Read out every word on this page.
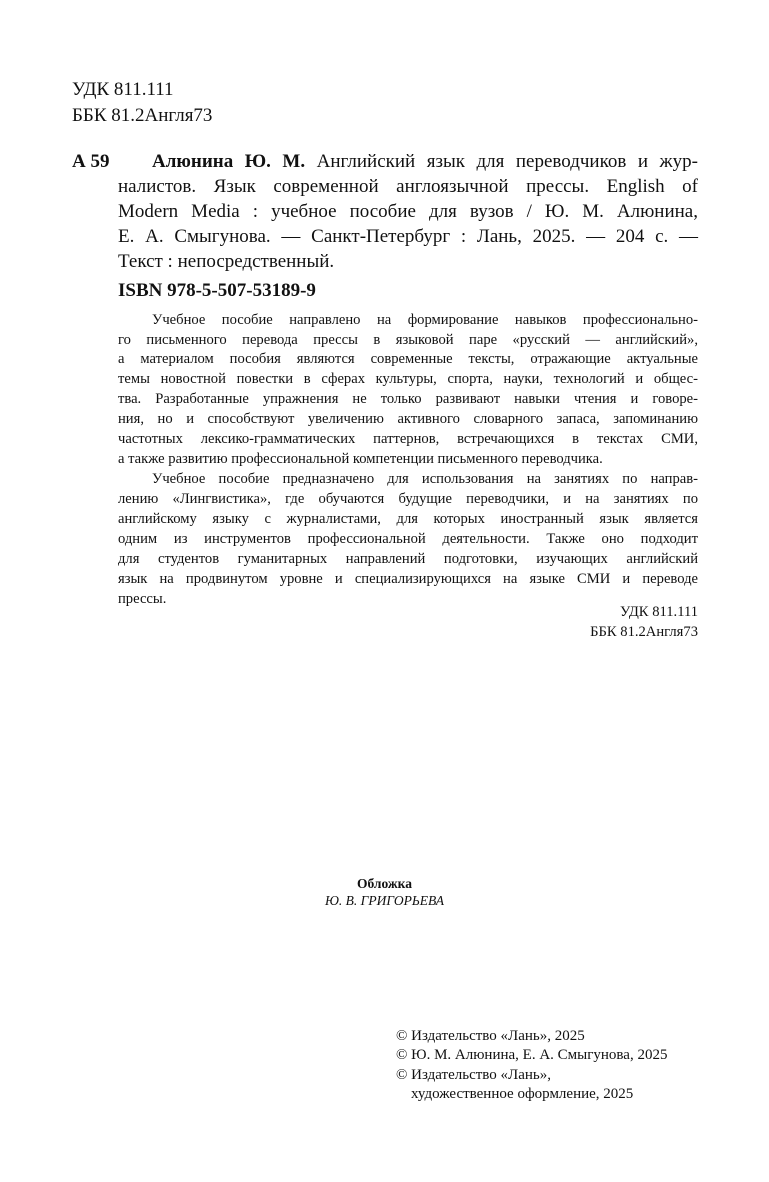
УДК 811.111
ББК 81.2Англя73
А 59 Алюнина Ю. М. Английский язык для переводчиков и жур-
налистов. Язык современной англоязычной прессы. English of
Modern Media : учебное пособие для вузов / Ю. М. Алюнина,
Е. А. Смыгунова. — Санкт-Петербург : Лань, 2025. — 204 с. —
Текст : непосредственный.
ISBN 978-5-507-53189-9
Учебное пособие направлено на формирование навыков профессионально-
го письменного перевода прессы в языковой паре «русский — английский»,
а материалом пособия являются современные тексты, отражающие актуальные
темы новостной повестки в сферах культуры, спорта, науки, технологий и общес-
тва. Разработанные упражнения не только развивают навыки чтения и говоре-
ния, но и способствуют увеличению активного словарного запаса, запоминанию
частотных лексико-грамматических паттернов, встречающихся в текстах СМИ,
а также развитию профессиональной компетенции письменного переводчика.
Учебное пособие предназначено для использования на занятиях по направ-
лению «Лингвистика», где обучаются будущие переводчики, и на занятиях по
английскому языку с журналистами, для которых иностранный язык является
одним из инструментов профессиональной деятельности. Также оно подходит
для студентов гуманитарных направлений подготовки, изучающих английский
язык на продвинутом уровне и специализирующихся на языке СМИ и переводе
прессы.
УДК 811.111
ББК 81.2Англя73
Обложка
Ю. В. ГРИГОРЬЕВА
© Издательство «Лань», 2025
© Ю. М. Алюнина, Е. А. Смыгунова, 2025
© Издательство «Лань»,
художественное оформление, 2025
